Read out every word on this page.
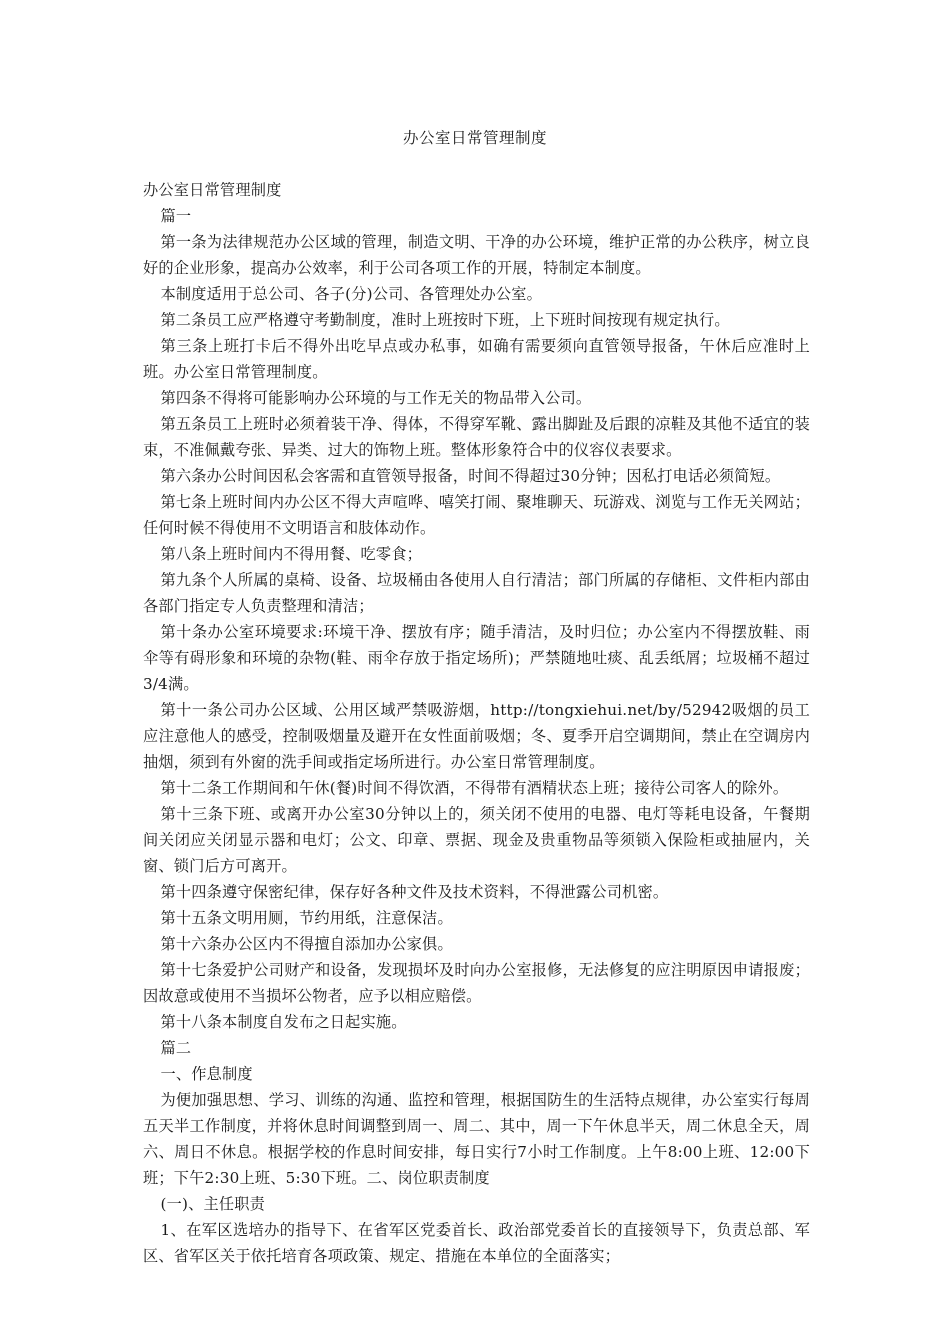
办公室日常管理制度

办公室日常管理制度

篇一

第一条为法律规范办公区域的管理，制造文明、干净的办公环境，维护正常的办公秩序，树立良好的企业形象，提高办公效率，利于公司各项工作的开展，特制定本制度。

本制度适用于总公司、各子(分)公司、各管理处办公室。

第二条员工应严格遵守考勤制度，准时上班按时下班，上下班时间按现有规定执行。

第三条上班打卡后不得外出吃早点或办私事，如确有需要须向直管领导报备，午休后应准时上班。办公室日常管理制度。

第四条不得将可能影响办公环境的与工作无关的物品带入公司。

第五条员工上班时必须着装干净、得体，不得穿军靴、露出脚趾及后跟的凉鞋及其他不适宜的装束，不准佩戴夸张、异类、过大的饰物上班。整体形象符合中的仪容仪表要求。

第六条办公时间因私会客需和直管领导报备，时间不得超过30分钟；因私打电话必须简短。

第七条上班时间内办公区不得大声喧哗、嘻笑打闹、聚堆聊天、玩游戏、浏览与工作无关网站；任何时候不得使用不文明语言和肢体动作。

第八条上班时间内不得用餐、吃零食；

第九条个人所属的桌椅、设备、垃圾桶由各使用人自行清洁；部门所属的存储柜、文件柜内部由各部门指定专人负责整理和清洁；

第十条办公室环境要求:环境干净、摆放有序；随手清洁，及时归位；办公室内不得摆放鞋、雨伞等有碍形象和环境的杂物(鞋、雨伞存放于指定场所)；严禁随地吐痰、乱丢纸屑；垃圾桶不超过3/4满。

第十一条公司办公区域、公用区域严禁吸游烟，http://tongxiehui.net/by/52942吸烟的员工应注意他人的感受，控制吸烟量及避开在女性面前吸烟；冬、夏季开启空调期间，禁止在空调房内抽烟，须到有外窗的洗手间或指定场所进行。办公室日常管理制度。

第十二条工作期间和午休(餐)时间不得饮酒，不得带有酒精状态上班；接待公司客人的除外。

第十三条下班、或离开办公室30分钟以上的，须关闭不使用的电器、电灯等耗电设备，午餐期间关闭应关闭显示器和电灯；公文、印章、票据、现金及贵重物品等须锁入保险柜或抽屉内，关窗、锁门后方可离开。

第十四条遵守保密纪律，保存好各种文件及技术资料，不得泄露公司机密。

第十五条文明用厕，节约用纸，注意保洁。

第十六条办公区内不得擅自添加办公家俱。

第十七条爱护公司财产和设备，发现损坏及时向办公室报修，无法修复的应注明原因申请报废；因故意或使用不当损坏公物者，应予以相应赔偿。

第十八条本制度自发布之日起实施。

篇二

一、作息制度

为便加强思想、学习、训练的沟通、监控和管理，根据国防生的生活特点规律，办公室实行每周五天半工作制度，并将休息时间调整到周一、周二、其中，周一下午休息半天，周二休息全天，周六、周日不休息。根据学校的作息时间安排，每日实行7小时工作制度。上午8:00上班、12:00下班；下午2:30上班、5:30下班。二、岗位职责制度

(一)、主任职责

1、在军区选培办的指导下、在省军区党委首长、政治部党委首长的直接领导下，负责总部、军区、省军区关于依托培育各项政策、规定、措施在本单位的全面落实；
